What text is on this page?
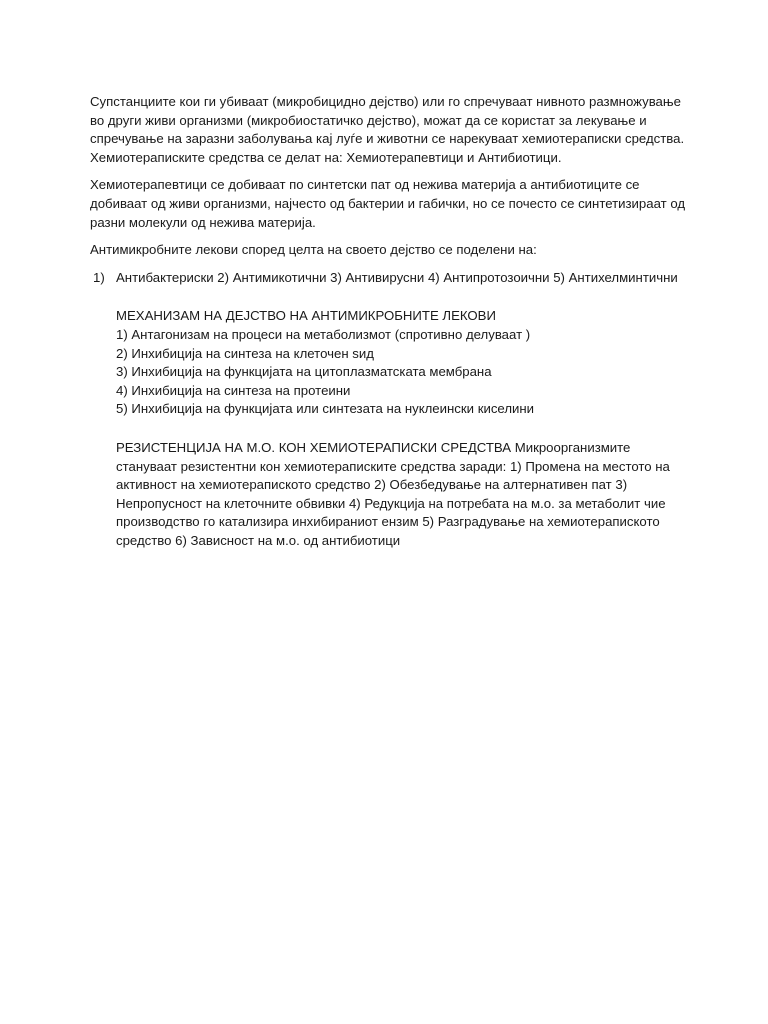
Супстанциите кои ги убиваат (микробицидно дејство) или го спречуваат нивното размножување во други живи организми (микробиостатичко дејство), можат да се користат за лекување и спречување на заразни заболувања кај луѓе и животни се нарекуваат хемиотераписки средства. Хемиотераписките средства се делат на: Хемиотерапевтици и Антибиотици.

Хемиотерапевтици се добиваат по синтетски пат од нежива материја а антибиотиците се добиваат од живи организми, најчесто од бактерии и габички, но се почесто се синтетизираат од разни молекули од нежива материја.

Антимикробните лекови според целта на своето дејство се поделени на:

1) Антибактериски 2) Антимикотични 3) Антивирусни 4) Антипротозоични 5) Антихелминтични

МЕХАНИЗАМ НА ДЕЈСТВО НА АНТИМИКРОБНИТЕ ЛЕКОВИ

1) Антагонизам на процеси на метаболизмот (спротивно делуваат )

2) Инхибиција на синтеза на клеточен ѕид

3) Инхибиција на функцијата на цитоплазматската мембрана

4) Инхибиција на синтеза на протеини

5) Инхибиција на функцијата или синтезата на нуклеински киселини

РЕЗИСТЕНЦИЈА НА М.О. КОН ХЕМИОТЕРАПИСКИ СРЕДСТВА Микроорганизмите стануваат резистентни кон хемиотераписките средства заради: 1) Промена на местото на активност на хемиотерапиското средство 2) Обезбедување на алтернативен пат 3) Непропусност на клеточните обвивки 4) Редукција на потребата на м.о. за метаболит чие производство го катализира инхибираниот ензим 5) Разградување на хемиотерапиското средство 6) Зависност на м.о. од антибиотици
